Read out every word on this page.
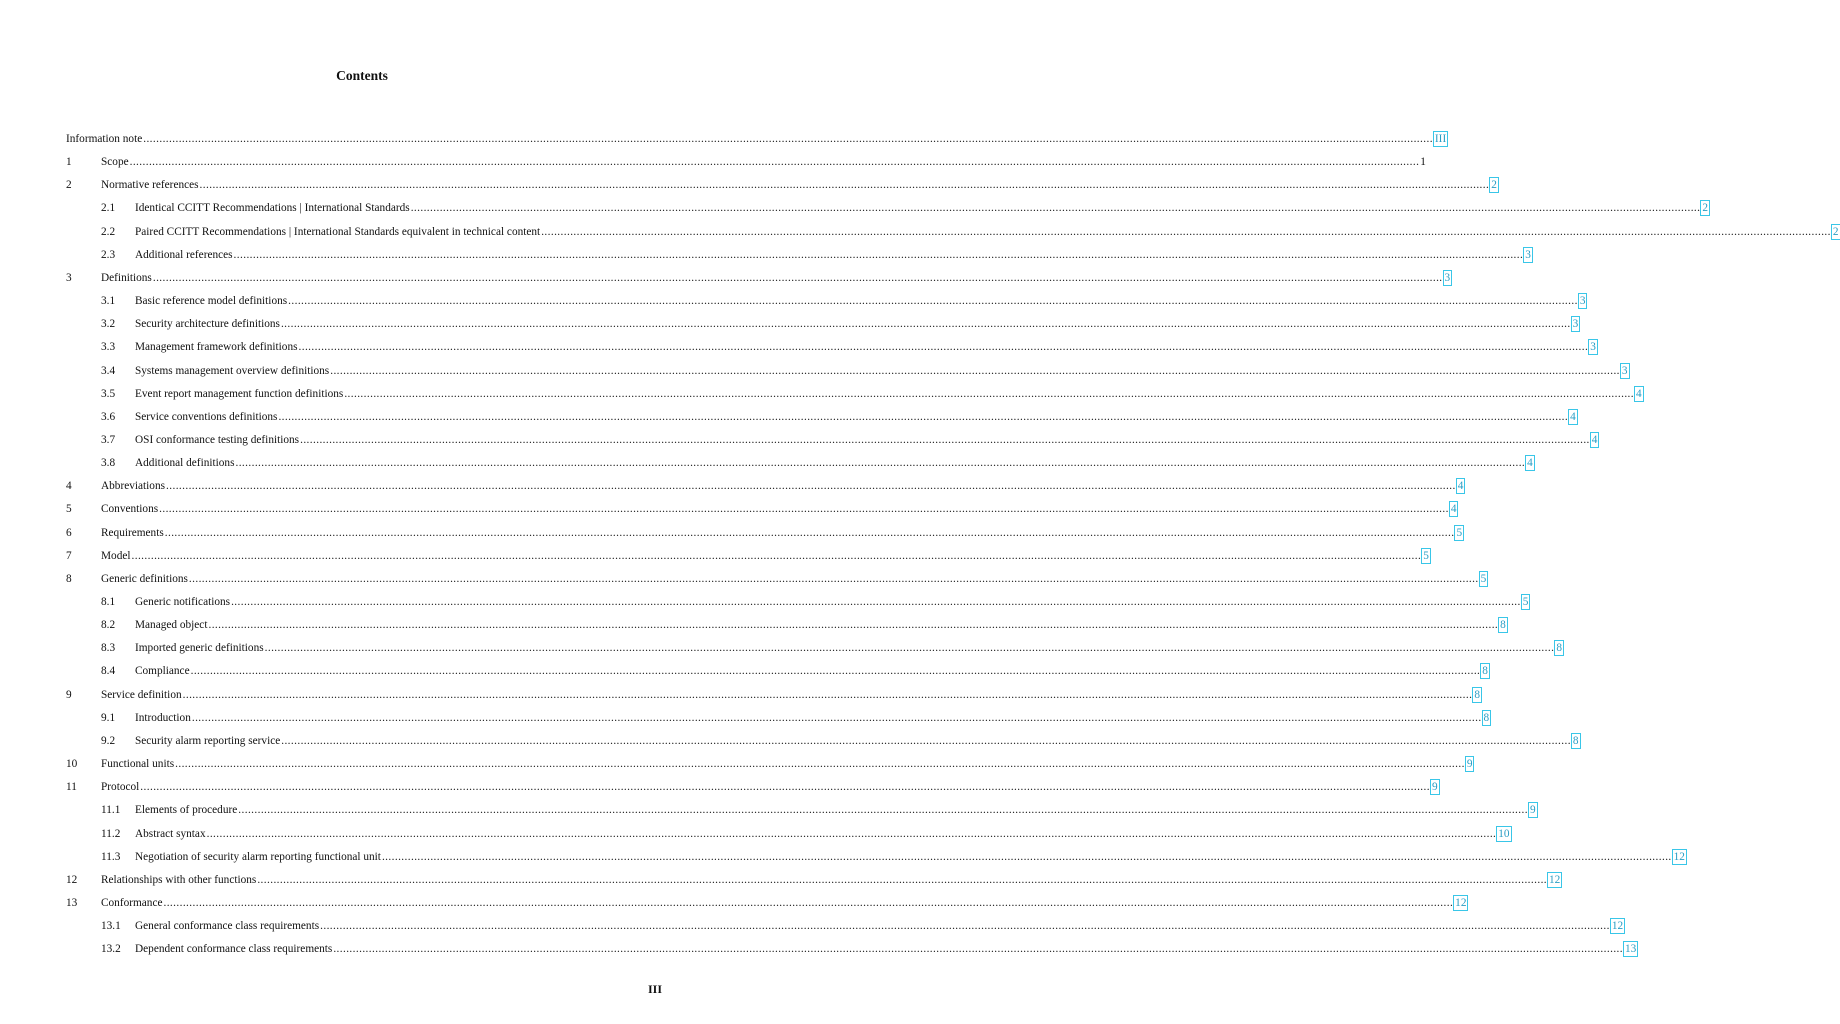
Contents
Information note ................................................................................................................................................................................................................................................................................................................................................................................................................ III
1	Scope ................................................................................................................................................................................................................................................................................................................................................................................................................ 1
2	Normative references ................................................................................................................................................................................................................................................................................................................................................................................................................ 2
2.1	Identical CCITT Recommendations | International Standards ................................................................................................................................................................................................................................................................................................................................................................................................................ 2
2.2	Paired CCITT Recommendations | International Standards equivalent in technical content ................................................................................................................................................................................................................................................................................................................................................................................................................ 2
2.3	Additional references ................................................................................................................................................................................................................................................................................................................................................................................................................ 3
3	Definitions ................................................................................................................................................................................................................................................................................................................................................................................................................ 3
3.1	Basic reference model definitions ................................................................................................................................................................................................................................................................................................................................................................................................................ 3
3.2	Security architecture definitions ................................................................................................................................................................................................................................................................................................................................................................................................................ 3
3.3	Management framework definitions ................................................................................................................................................................................................................................................................................................................................................................................................................ 3
3.4	Systems management overview definitions ................................................................................................................................................................................................................................................................................................................................................................................................................ 3
3.5	Event report management function definitions ................................................................................................................................................................................................................................................................................................................................................................................................................ 4
3.6	Service conventions definitions ................................................................................................................................................................................................................................................................................................................................................................................................................ 4
3.7	OSI conformance testing definitions ................................................................................................................................................................................................................................................................................................................................................................................................................ 4
3.8	Additional definitions ................................................................................................................................................................................................................................................................................................................................................................................................................ 4
4	Abbreviations ................................................................................................................................................................................................................................................................................................................................................................................................................ 4
5	Conventions ................................................................................................................................................................................................................................................................................................................................................................................................................ 4
6	Requirements ................................................................................................................................................................................................................................................................................................................................................................................................................ 5
7	Model ................................................................................................................................................................................................................................................................................................................................................................................................................ 5
8	Generic definitions ................................................................................................................................................................................................................................................................................................................................................................................................................ 5
8.1	Generic notifications ................................................................................................................................................................................................................................................................................................................................................................................................................ 5
8.2	Managed object ................................................................................................................................................................................................................................................................................................................................................................................................................ 8
8.3	Imported generic definitions ................................................................................................................................................................................................................................................................................................................................................................................................................ 8
8.4	Compliance ................................................................................................................................................................................................................................................................................................................................................................................................................ 8
9	Service definition ................................................................................................................................................................................................................................................................................................................................................................................................................ 8
9.1	Introduction ................................................................................................................................................................................................................................................................................................................................................................................................................ 8
9.2	Security alarm reporting service ................................................................................................................................................................................................................................................................................................................................................................................................................ 8
10	Functional units ................................................................................................................................................................................................................................................................................................................................................................................................................ 9
11	Protocol ................................................................................................................................................................................................................................................................................................................................................................................................................ 9
11.1	Elements of procedure ................................................................................................................................................................................................................................................................................................................................................................................................................ 9
11.2	Abstract syntax ................................................................................................................................................................................................................................................................................................................................................................................................................ 10
11.3	Negotiation of security alarm reporting functional unit ................................................................................................................................................................................................................................................................................................................................................................................................................ 12
12	Relationships with other functions ................................................................................................................................................................................................................................................................................................................................................................................................................ 12
13	Conformance ................................................................................................................................................................................................................................................................................................................................................................................................................ 12
13.1	General conformance class requirements ................................................................................................................................................................................................................................................................................................................................................................................................................ 12
13.2	Dependent conformance class requirements ................................................................................................................................................................................................................................................................................................................................................................................................................ 13
III
